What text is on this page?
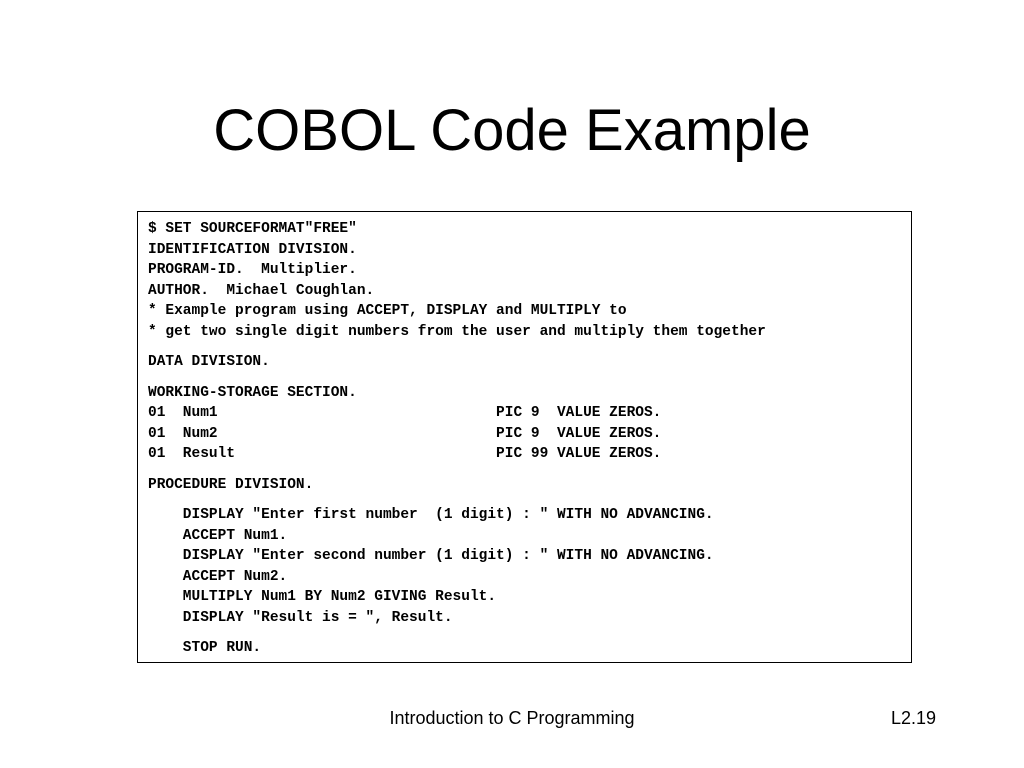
COBOL Code Example
$ SET SOURCEFORMAT"FREE"
IDENTIFICATION DIVISION.
PROGRAM-ID.  Multiplier.
AUTHOR.  Michael Coughlan.
* Example program using ACCEPT, DISPLAY and MULTIPLY to
* get two single digit numbers from the user and multiply them together
DATA DIVISION.
WORKING-STORAGE SECTION.
01  Num1                                PIC 9  VALUE ZEROS.
01  Num2                                PIC 9  VALUE ZEROS.
01  Result                              PIC 99 VALUE ZEROS.
PROCEDURE DIVISION.
DISPLAY "Enter first number  (1 digit) : " WITH NO ADVANCING.
ACCEPT Num1.
DISPLAY "Enter second number (1 digit) : " WITH NO ADVANCING.
ACCEPT Num2.
MULTIPLY Num1 BY Num2 GIVING Result.
DISPLAY "Result is = ", Result.
STOP RUN.
Introduction to C Programming	L2.19
